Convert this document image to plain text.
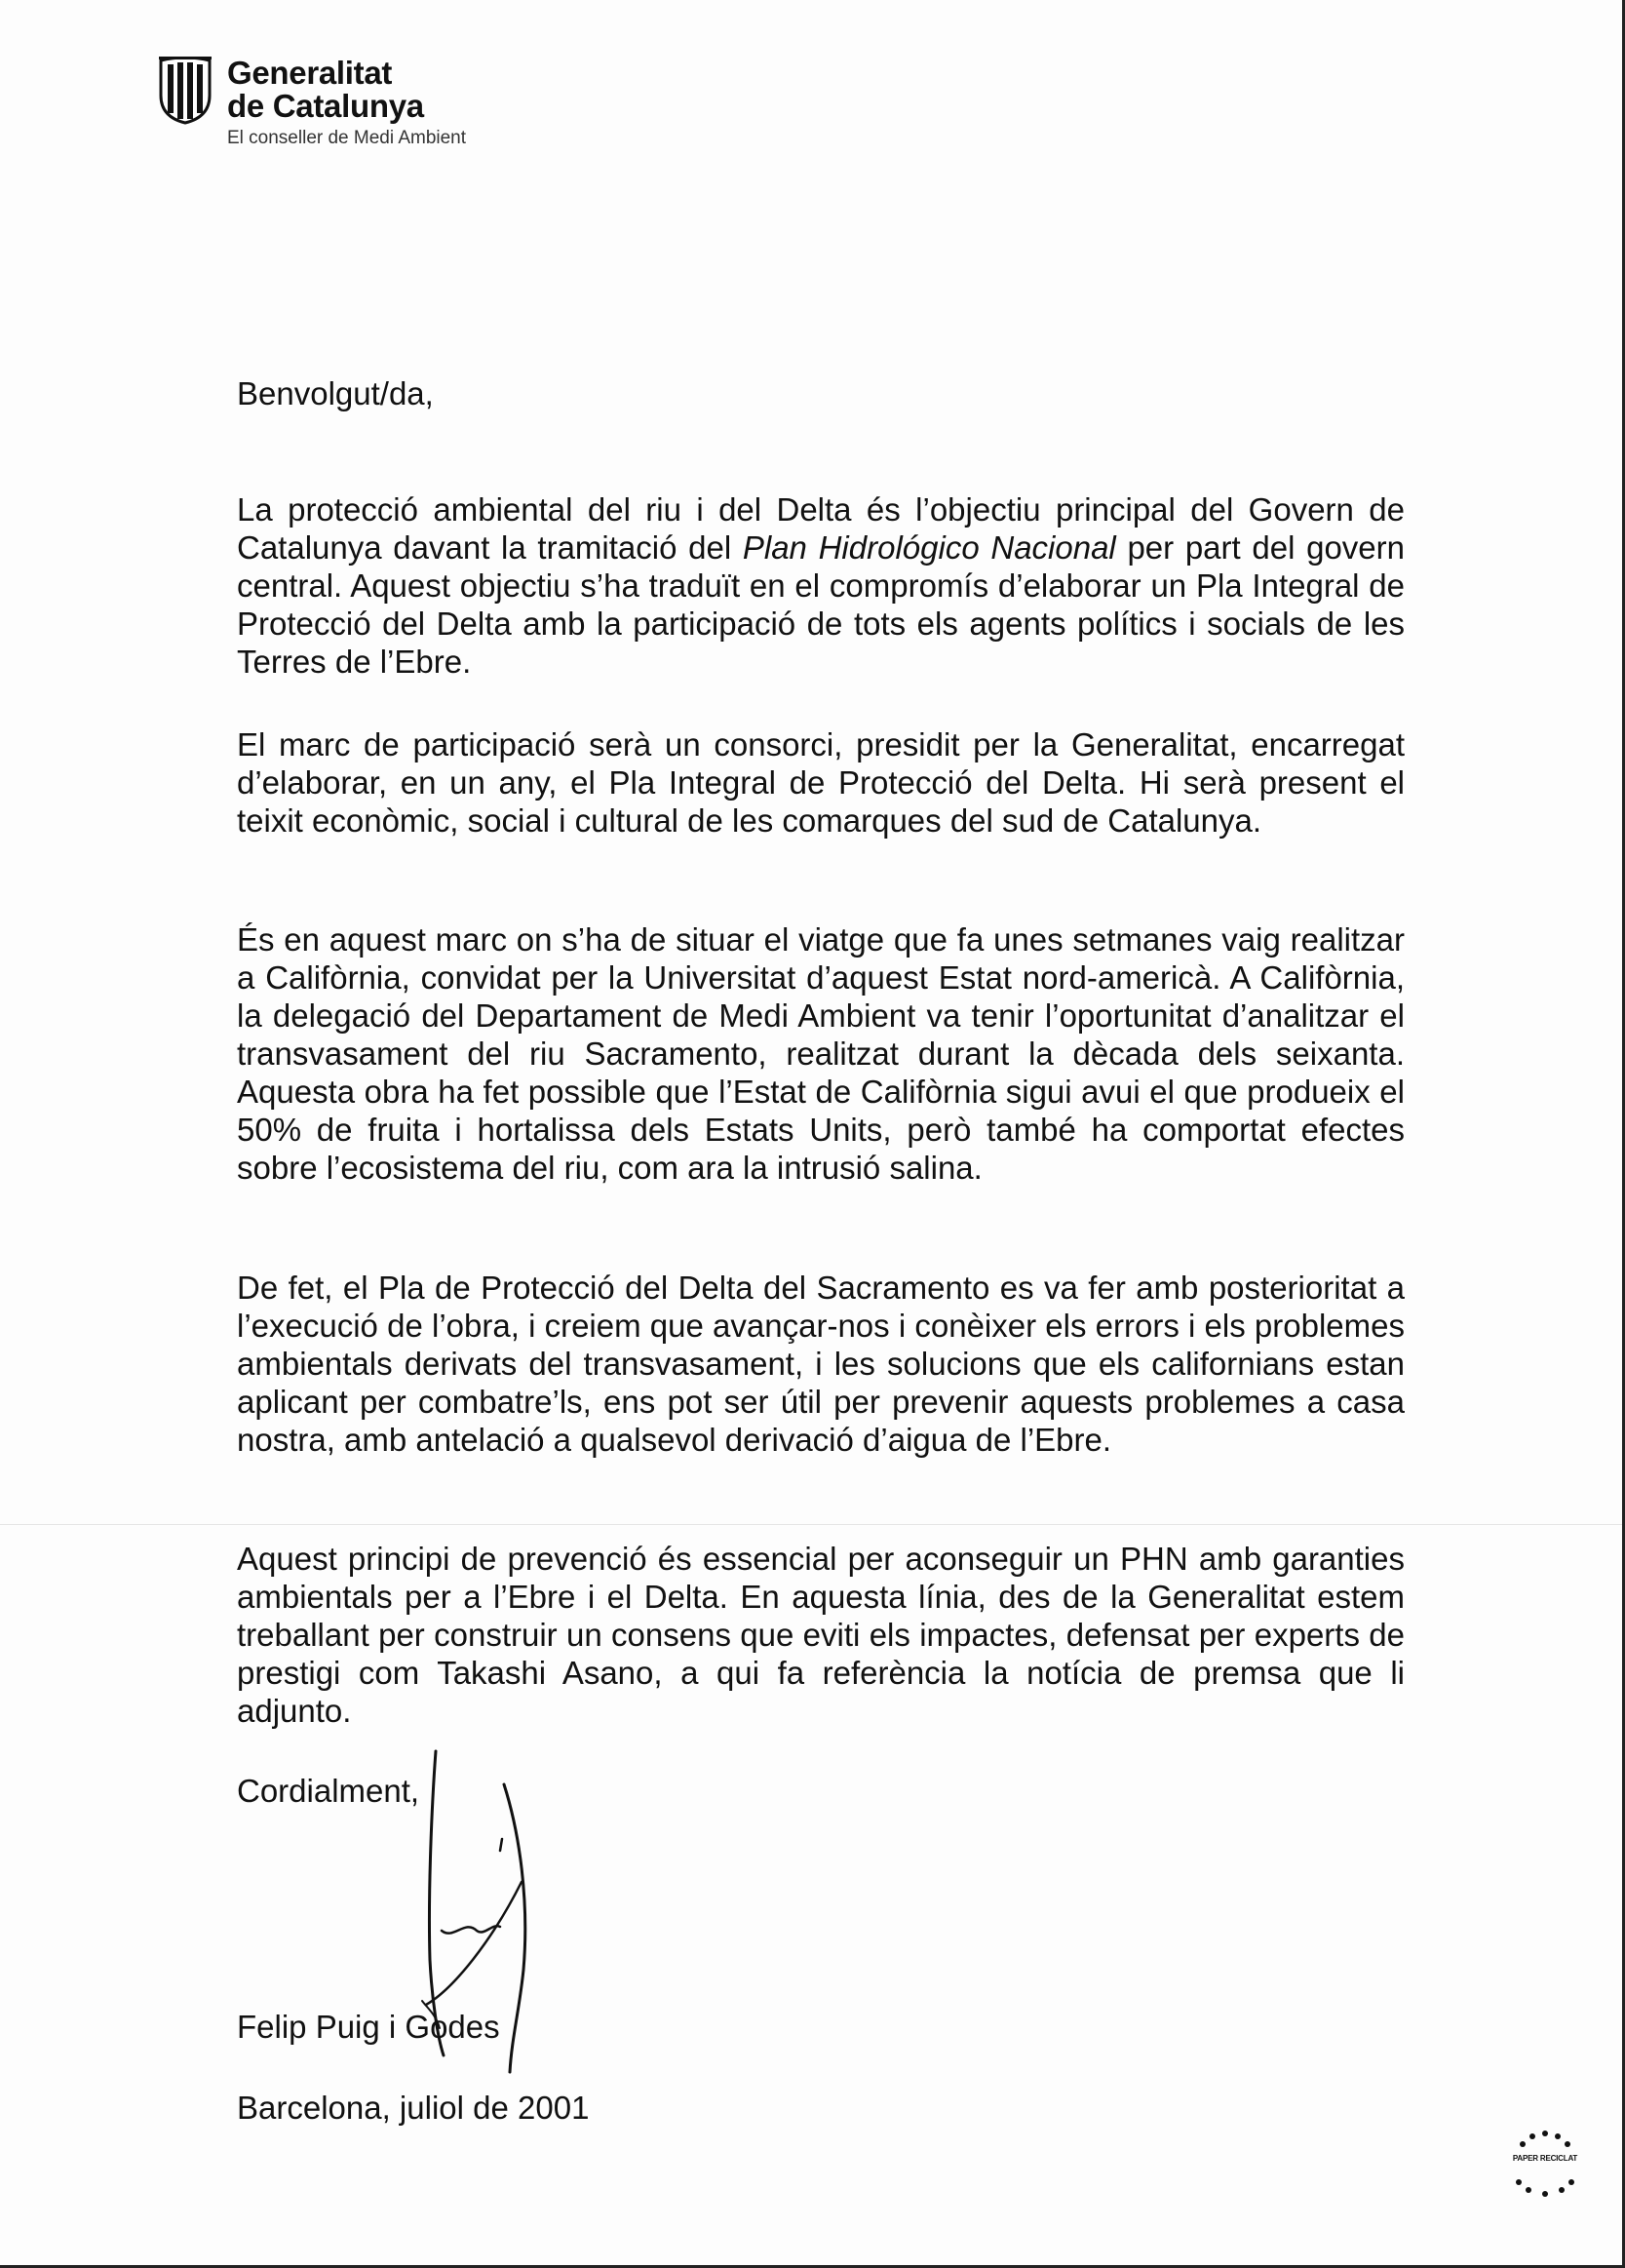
Generalitat
de Catalunya
El conseller de Medi Ambient
Benvolgut/da,

La protecció ambiental del riu i del Delta és l’objectiu principal del Govern de Catalunya davant la tramitació del Plan Hidrológico Nacional per part del govern central. Aquest objectiu s’ha traduït en el compromís d’elaborar un Pla Integral de Protecció del Delta amb la participació de tots els agents polítics i socials de les Terres de l’Ebre.

El marc de participació serà un consorci, presidit per la Generalitat, encarregat d’elaborar, en un any, el Pla Integral de Protecció del Delta. Hi serà present el teixit econòmic, social i cultural de les comarques del sud de Catalunya.

És en aquest marc on s’ha de situar el viatge que fa unes setmanes vaig realitzar a Califòrnia, convidat per la Universitat d’aquest Estat nord-americà. A Califòrnia, la delegació del Departament de Medi Ambient va tenir l’oportunitat d’analitzar el transvasament del riu Sacramento, realitzat durant la dècada dels seixanta. Aquesta obra ha fet possible que l’Estat de Califòrnia sigui avui el que produeix el 50% de fruita i hortalissa dels Estats Units, però també ha comportat efectes sobre l’ecosistema del riu, com ara la intrusió salina.

De fet, el Pla de Protecció del Delta del Sacramento es va fer amb posterioritat a l’execució de l’obra, i creiem que avançar-nos i conèixer els errors i els problemes ambientals derivats del transvasament, i les solucions que els californians estan aplicant per combatre’ls, ens pot ser útil per prevenir aquests problemes a casa nostra, amb antelació a qualsevol derivació d’aigua de l’Ebre.

Aquest principi de prevenció és essencial per aconseguir un PHN amb garanties ambientals per a l’Ebre i el Delta. En aquesta línia, des de la Generalitat estem treballant per construir un consens que eviti els impactes, defensat per experts de prestigi com Takashi Asano, a qui fa referència la notícia de premsa que li adjunto.

Cordialment,
Felip Puig i Godes
Barcelona, juliol de 2001
PAPER RECICLAT
